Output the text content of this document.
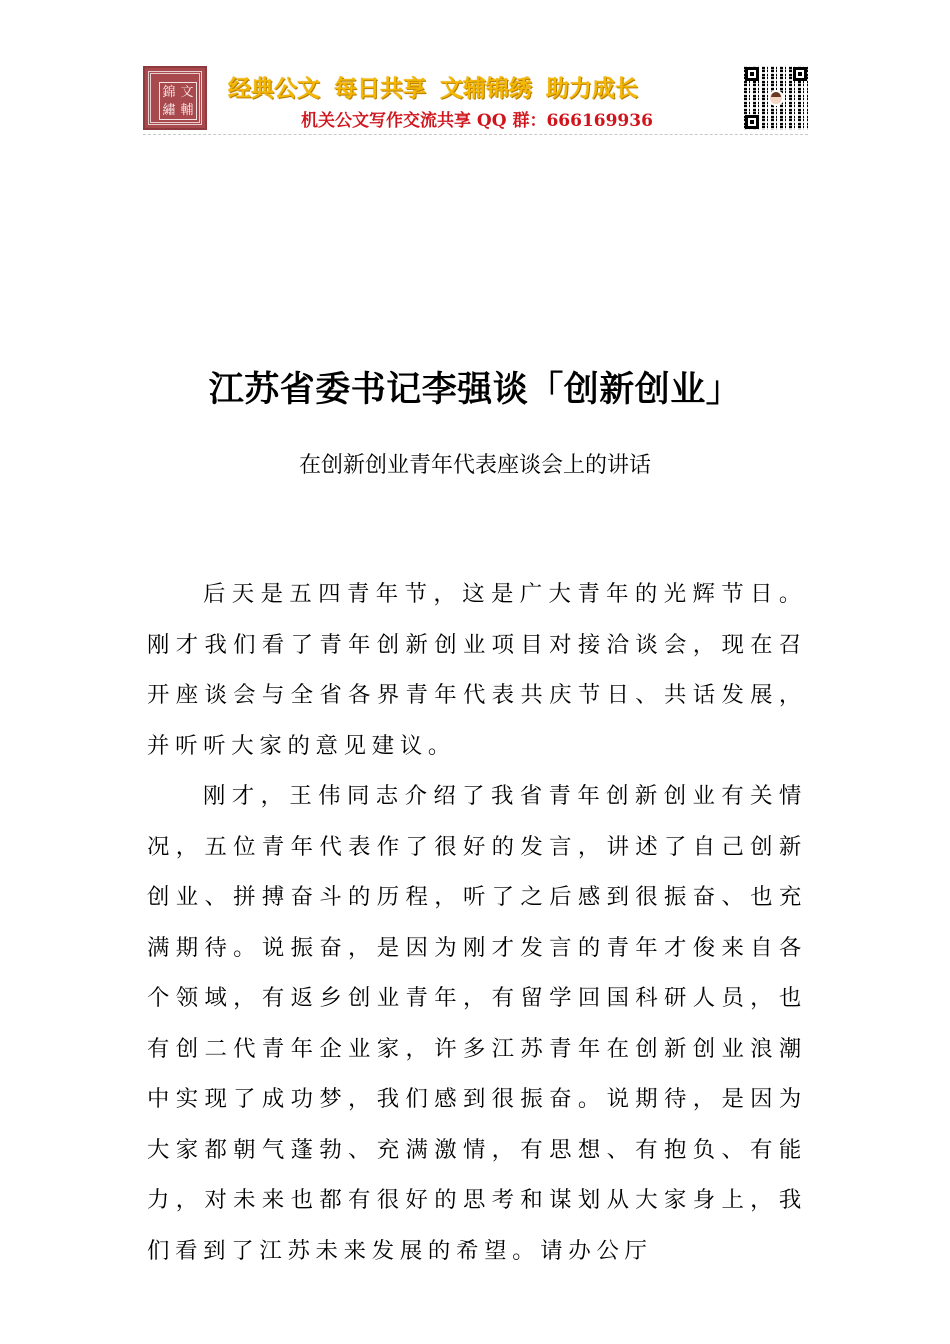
錦 文
繡 輔
经典公文 每日共享 文辅锦绣 助力成长
机关公文写作交流共享 QQ 群：666169936
江苏省委书记李强谈「创新创业」
在创新创业青年代表座谈会上的讲话

后天是五四青年节，这是广大青年的光辉节日。刚才我们看了青年创新创业项目对接洽谈会，现在召开座谈会与全省各界青年代表共庆节日、共话发展，并听听大家的意见建议。

刚才，王伟同志介绍了我省青年创新创业有关情况，五位青年代表作了很好的发言，讲述了自己创新创业、拼搏奋斗的历程，听了之后感到很振奋、也充满期待。说振奋，是因为刚才发言的青年才俊来自各个领域，有返乡创业青年，有留学回国科研人员，也有创二代青年企业家，许多江苏青年在创新创业浪潮中实现了成功梦，我们感到很振奋。说期待，是因为大家都朝气蓬勃、充满激情，有思想、有抱负、有能力，对未来也都有很好的思考和谋划从大家身上，我们看到了江苏未来发展的希望。请办公厅
